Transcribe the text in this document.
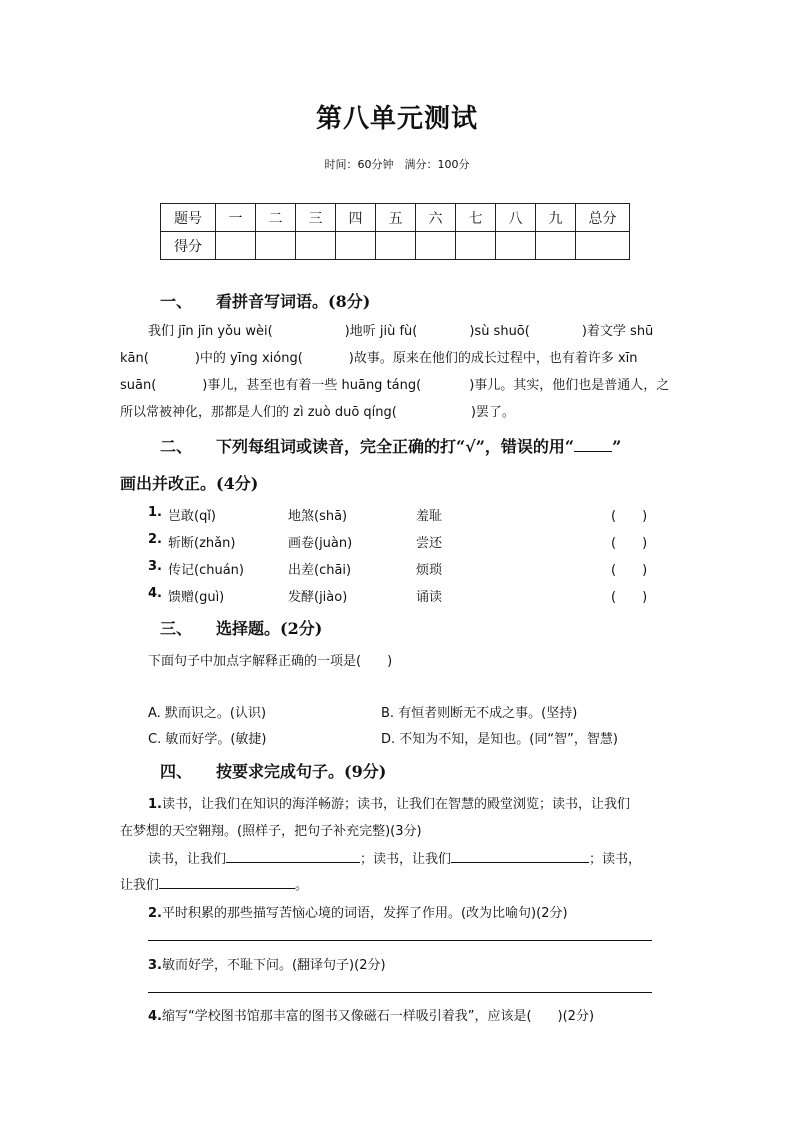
第八单元测试
时间：60分钟　满分：100分
题号	一	二	三	四	五	六	七	八	九	总分
得分										
一、 看拼音写词语。(8分)
我们 jīn jīn yǒu wèi(	)地听 jiù fù(	)sù shuō(	)着文学 shū
kān(	)中的 yīng xióng(	)故事。原来在他们的成长过程中，也有着许多 xīn
suān(	)事儿，甚至也有着一些 huāng táng(	)事儿。其实，他们也是普通人，之
所以常被神化，那都是人们的 zì zuò duō qíng(	)罢了。
二、 下列每组词或读音，完全正确的打“√”，错误的用“ ”
画出并改正。(4分)
1. 岂敢(qǐ)	地煞(shā)	羞耻	(　　)
2. 斩断(zhǎn)	画卷(juàn)	尝还	(　　)
3. 传记(chuán)	出差(chāi)	烦琐	(　　)
4. 馈赠(guì)	发酵(jiào)	诵读	(　　)
三、 选择题。(2分)
下面句子中加点字解释正确的一项是(　　)
A. 默而识之。(认识)	B. 有恒者则断无不成之事。(坚持)
C. 敏而好学。(敏捷)	D. 不知为不知，是知也。(同“智”，智慧)
四、 按要求完成句子。(9分)
1.读书，让我们在知识的海洋畅游；读书，让我们在智慧的殿堂浏览；读书，让我们
在梦想的天空翱翔。(照样子，把句子补充完整)(3分)
读书，让我们	；读书，让我们	；读书，
让我们	。
2.平时积累的那些描写苦恼心境的词语，发挥了作用。(改为比喻句)(2分)
3.敏而好学，不耻下问。(翻译句子)(2分)
4.缩写“学校图书馆那丰富的图书又像磁石一样吸引着我”，应该是(　　)(2分)
